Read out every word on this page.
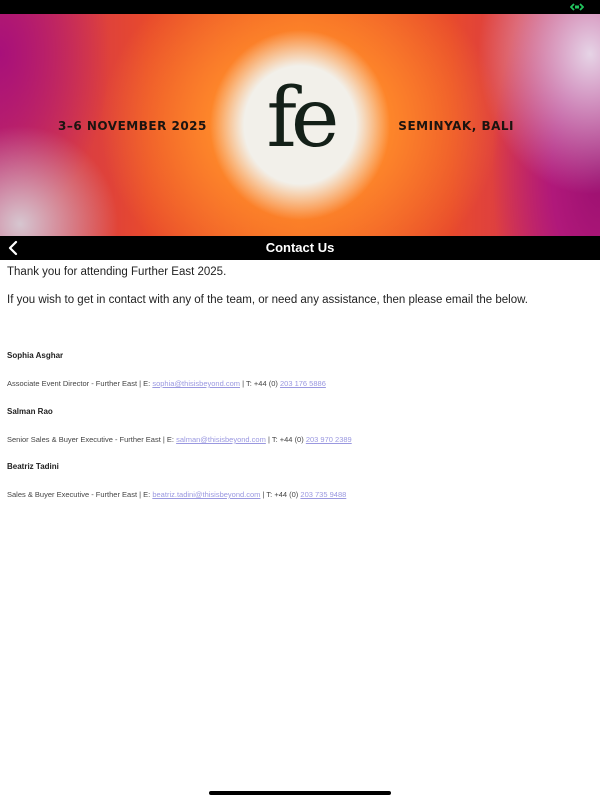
3–6 NOVEMBER 2025 fe	SEMINYAK, BALI
Contact Us

Thank you for attending Further East 2025.

If you wish to get in contact with any of the team, or need any assistance, then please email the below.

Sophia Asghar
Associate Event Director - Further East | E: sophia@thisisbeyond.com | T: +44 (0) 203 176 5886
Salman Rao
Senior Sales & Buyer Executive - Further East | E: salman@thisisbeyond.com | T: +44 (0) 203 970 2389
Beatriz Tadini
Sales & Buyer Executive - Further East | E: beatriz.tadini@thisisbeyond.com | T: +44 (0) 203 735 9488
